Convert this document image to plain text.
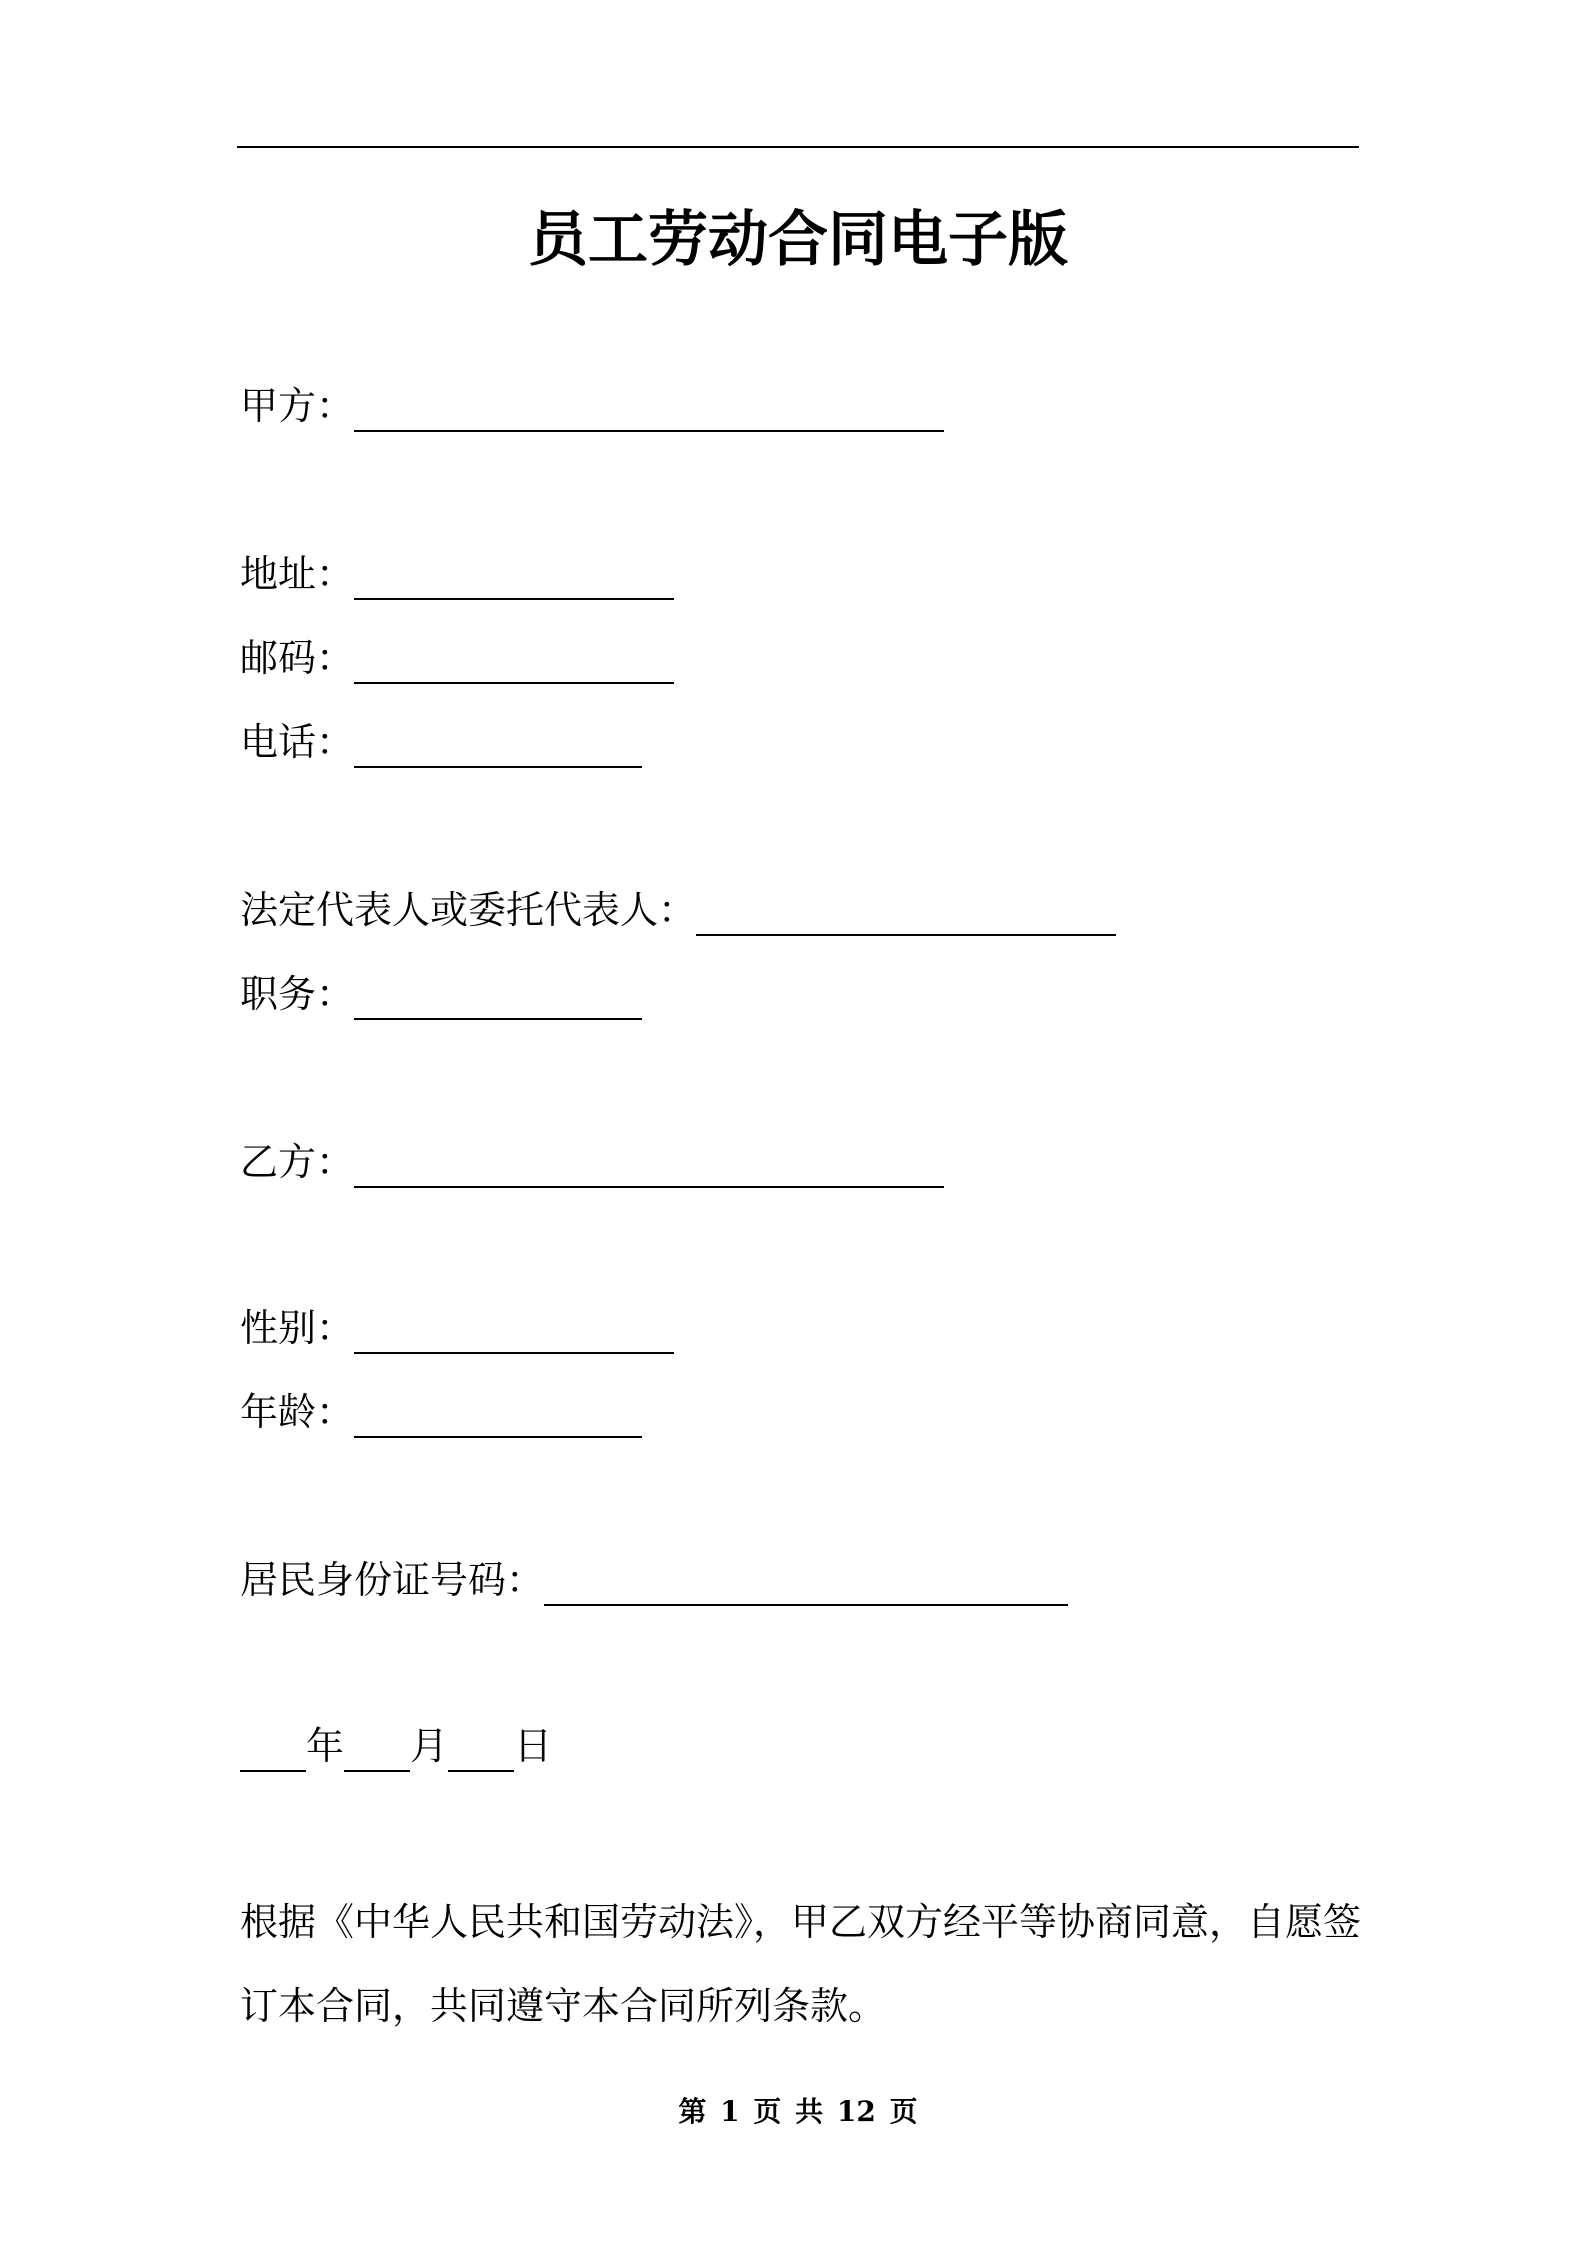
员工劳动合同电子版
甲方：
地址：
邮码：
电话：
法定代表人或委托代表人：
职务：
乙方：
性别：
年龄：
居民身份证号码：
年 月 日
根据《中华人民共和国劳动法》，甲乙双方经平等协商同意，自愿签订本合同，共同遵守本合同所列条款。
第 1 页 共 12 页
